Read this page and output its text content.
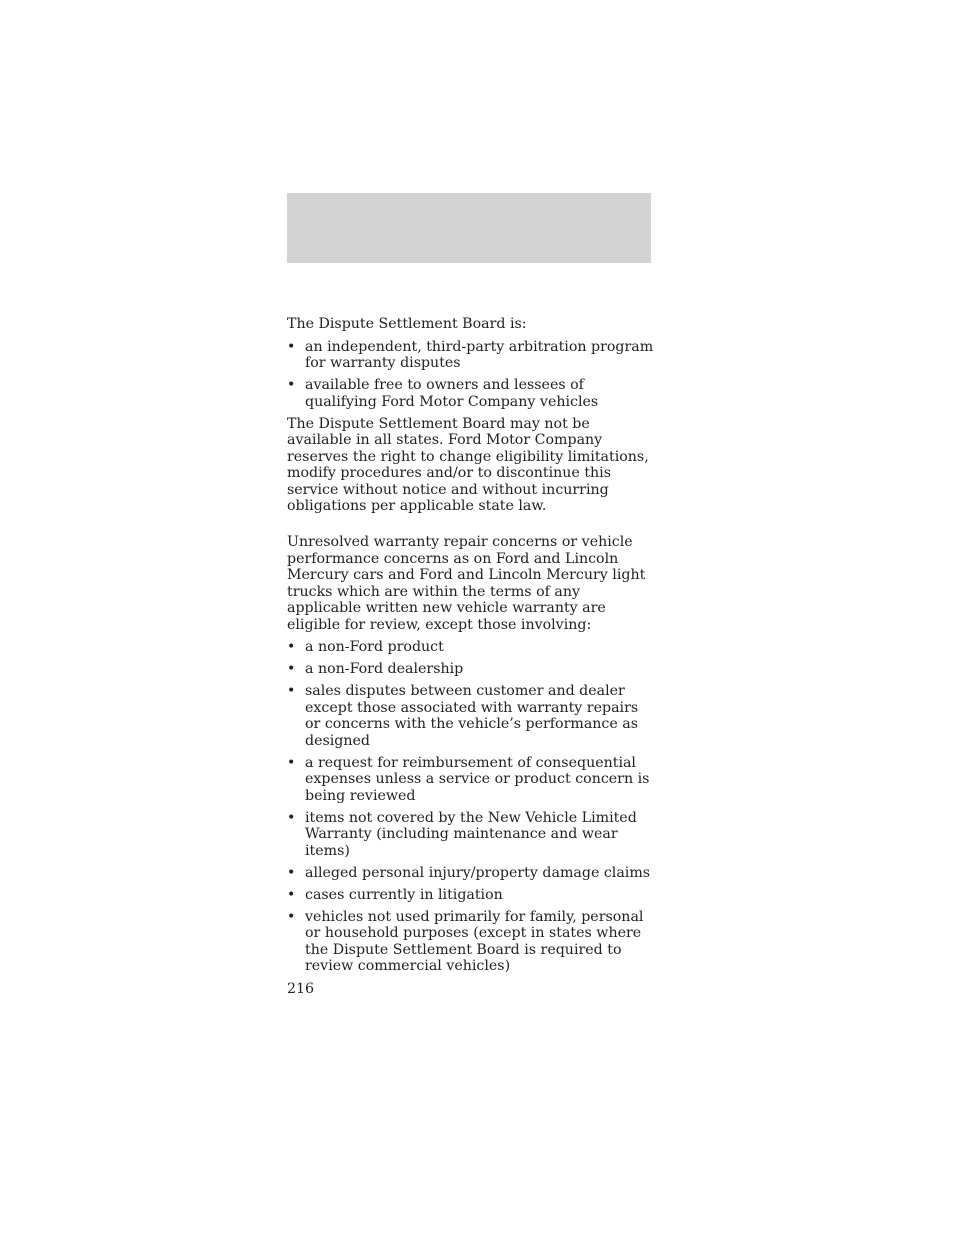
The Dispute Settlement Board is:

• an independent, third-party arbitration program for warranty disputes
• available free to owners and lessees of qualifying Ford Motor Company vehicles

The Dispute Settlement Board may not be available in all states. Ford Motor Company reserves the right to change eligibility limitations, modify procedures and/or to discontinue this service without notice and without incurring obligations per applicable state law.

Unresolved warranty repair concerns or vehicle performance concerns as on Ford and Lincoln Mercury cars and Ford and Lincoln Mercury light trucks which are within the terms of any applicable written new vehicle warranty are eligible for review, except those involving:

• a non-Ford product
• a non-Ford dealership
• sales disputes between customer and dealer except those associated with warranty repairs or concerns with the vehicle’s performance as designed
• a request for reimbursement of consequential expenses unless a service or product concern is being reviewed
• items not covered by the New Vehicle Limited Warranty (including maintenance and wear items)
• alleged personal injury/property damage claims
• cases currently in litigation
• vehicles not used primarily for family, personal or household purposes (except in states where the Dispute Settlement Board is required to review commercial vehicles)
216
